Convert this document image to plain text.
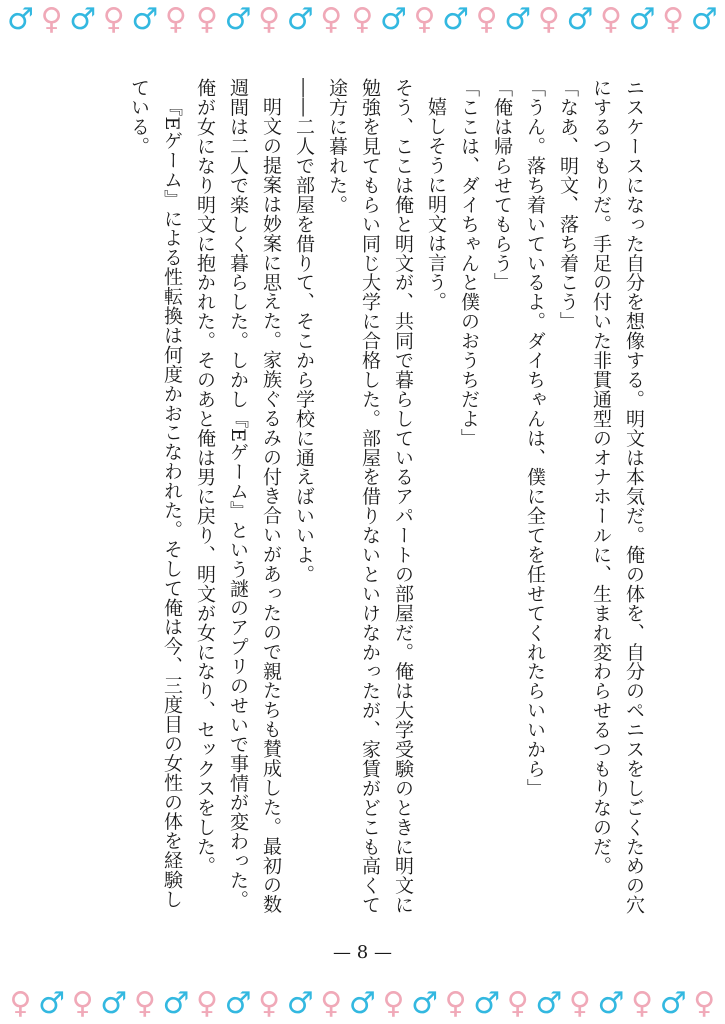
♂ ♀ ♂ ♀ ♂ ♀ ♀ ♂ ♀ ♂ ♀ ♀ ♂ ♀ ♂ ♀ ♂ ♀ ♂ ♀ ♂ ♀ ♂

ニスケースになった自分を想像する。明文は本気だ。俺の体を、自分のペニスをしごくための穴にするつもりだ。手足の付いた非貫通型のオナホールに、生まれ変わらせるつもりなのだ。

「なあ、明文、落ち着こう」

「うん。落ち着いているよ。ダイちゃんは、僕に全てを任せてくれたらいいから」

「俺は帰らせてもらう」

「ここは、ダイちゃんと僕のおうちだよ」

嬉しそうに明文は言う。

そう、ここは俺と明文が、共同で暮らしているアパートの部屋だ。俺は大学受験のときに明文に勉強を見てもらい同じ大学に合格した。部屋を借りないといけなかったが、家賃がどこも高くて途方に暮れた。

――二人で部屋を借りて、そこから学校に通えばいいよ。

明文の提案は妙案に思えた。家族ぐるみの付き合いがあったので親たちも賛成した。最初の数週間は二人で楽しく暮らした。しかし『Eゲーム』という謎のアプリのせいで事情が変わった。俺が女になり明文に抱かれた。そのあと俺は男に戻り、明文が女になり、セックスをした。

『Eゲーム』による性転換は何度かおこなわれた。そして俺は今、三度目の女性の体を経験している。

— 8 —
♀ ♂ ♀ ♂ ♀ ♂ ♀ ♂ ♀ ♂ ♀ ♂ ♀ ♂ ♀ ♂ ♀ ♂ ♀ ♂ ♀ ♂ ♀
